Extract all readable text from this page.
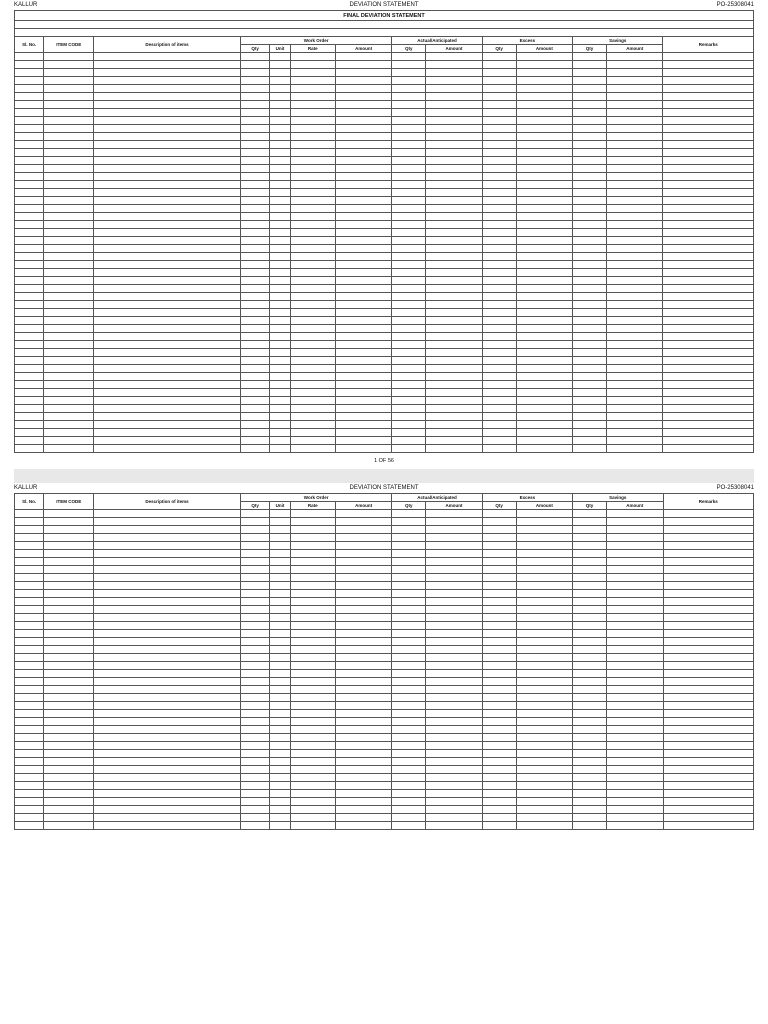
KALLUR	DEVIATION STATEMENT	PO-25308041
FINAL DEVIATION STATEMENT													

Sl. No.	ITEM CODE	Description of items	Work Order				Actual/Anticipated		Excess		Savings		Remarks
			Qty	Unit	Rate	Amount	Qty	Amount	Qty	Amount	Qty	Amount	

1 OF 56
KALLUR	DEVIATION STATEMENT	PO-25308041
Sl. No.	ITEM CODE	Description of items	Work Order				Actual/Anticipated		Excess		Savings		Remarks
			Qty	Unit	Rate	Amount	Qty	Amount	Qty	Amount	Qty	Amount	
